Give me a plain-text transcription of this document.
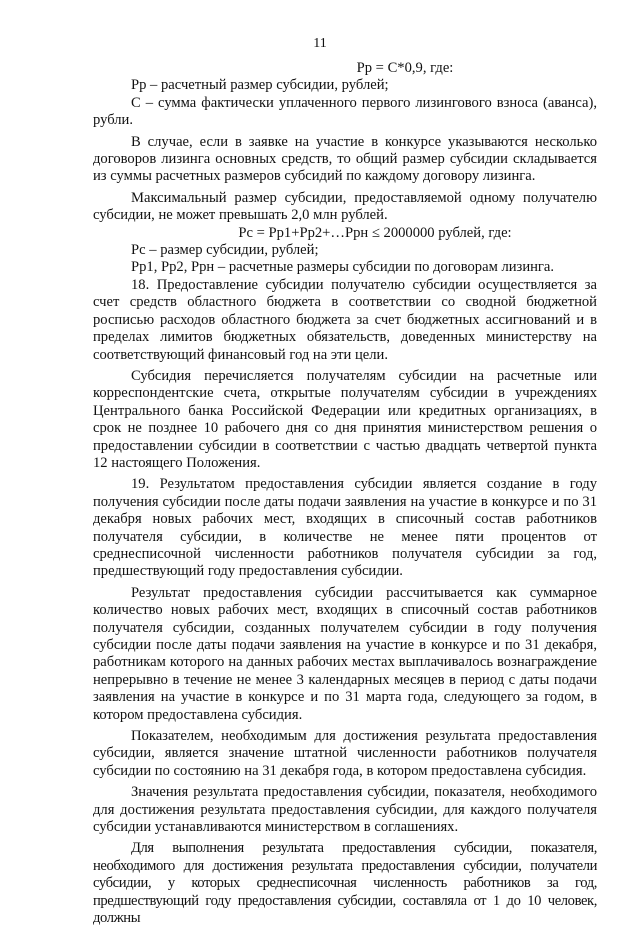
11

Рр = С*0,9, где:

Рр – расчетный размер субсидии, рублей;

С – сумма фактически уплаченного первого лизингового взноса (аванса), рубли.

В случае, если в заявке на участие в конкурсе указываются несколько договоров лизинга основных средств, то общий размер субсидии складывается из суммы расчетных размеров субсидий по каждому договору лизинга.

Максимальный размер субсидии, предоставляемой одному получателю субсидии, не может превышать 2,0 млн рублей.

Рс = Рр1+Рр2+…Ррн ≤ 2000000 рублей, где:

Рс – размер субсидии, рублей;

Рр1, Рр2, Ррн – расчетные размеры субсидии по договорам лизинга.

18. Предоставление субсидии получателю субсидии осуществляется за счет средств областного бюджета в соответствии со сводной бюджетной росписью расходов областного бюджета за счет бюджетных ассигнований и в пределах лимитов бюджетных обязательств, доведенных министерству на соответствующий финансовый год на эти цели.

Субсидия перечисляется получателям субсидии на расчетные или корреспондентские счета, открытые получателям субсидии в учреждениях Центрального банка Российской Федерации или кредитных организациях, в срок не позднее 10 рабочего дня со дня принятия министерством решения о предоставлении субсидии в соответствии с частью двадцать четвертой пункта 12 настоящего Положения.

19. Результатом предоставления субсидии является создание в году получения субсидии после даты подачи заявления на участие в конкурсе и по 31 декабря новых рабочих мест, входящих в списочный состав работников получателя субсидии, в количестве не менее пяти процентов от среднесписочной численности работников получателя субсидии за год, предшествующий году предоставления субсидии.

Результат предоставления субсидии рассчитывается как суммарное количество новых рабочих мест, входящих в списочный состав работников получателя субсидии, созданных получателем субсидии в году получения субсидии после даты подачи заявления на участие в конкурсе и по 31 декабря, работникам которого на данных рабочих местах выплачивалось вознаграждение непрерывно в течение не менее 3 календарных месяцев в период с даты подачи заявления на участие в конкурсе и по 31 марта года, следующего за годом, в котором предоставлена субсидия.

Показателем, необходимым для достижения результата предоставления субсидии, является значение штатной численности работников получателя субсидии по состоянию на 31 декабря года, в котором предоставлена субсидия.

Значения результата предоставления субсидии, показателя, необходимого для достижения результата предоставления субсидии, для каждого получателя субсидии устанавливаются министерством в соглашениях.

Для выполнения результата предоставления субсидии, показателя, необходимого для достижения результата предоставления субсидии, получатели субсидии, у которых среднесписочная численность работников за год, предшествующий году предоставления субсидии, составляла от 1 до 10 человек, должны
